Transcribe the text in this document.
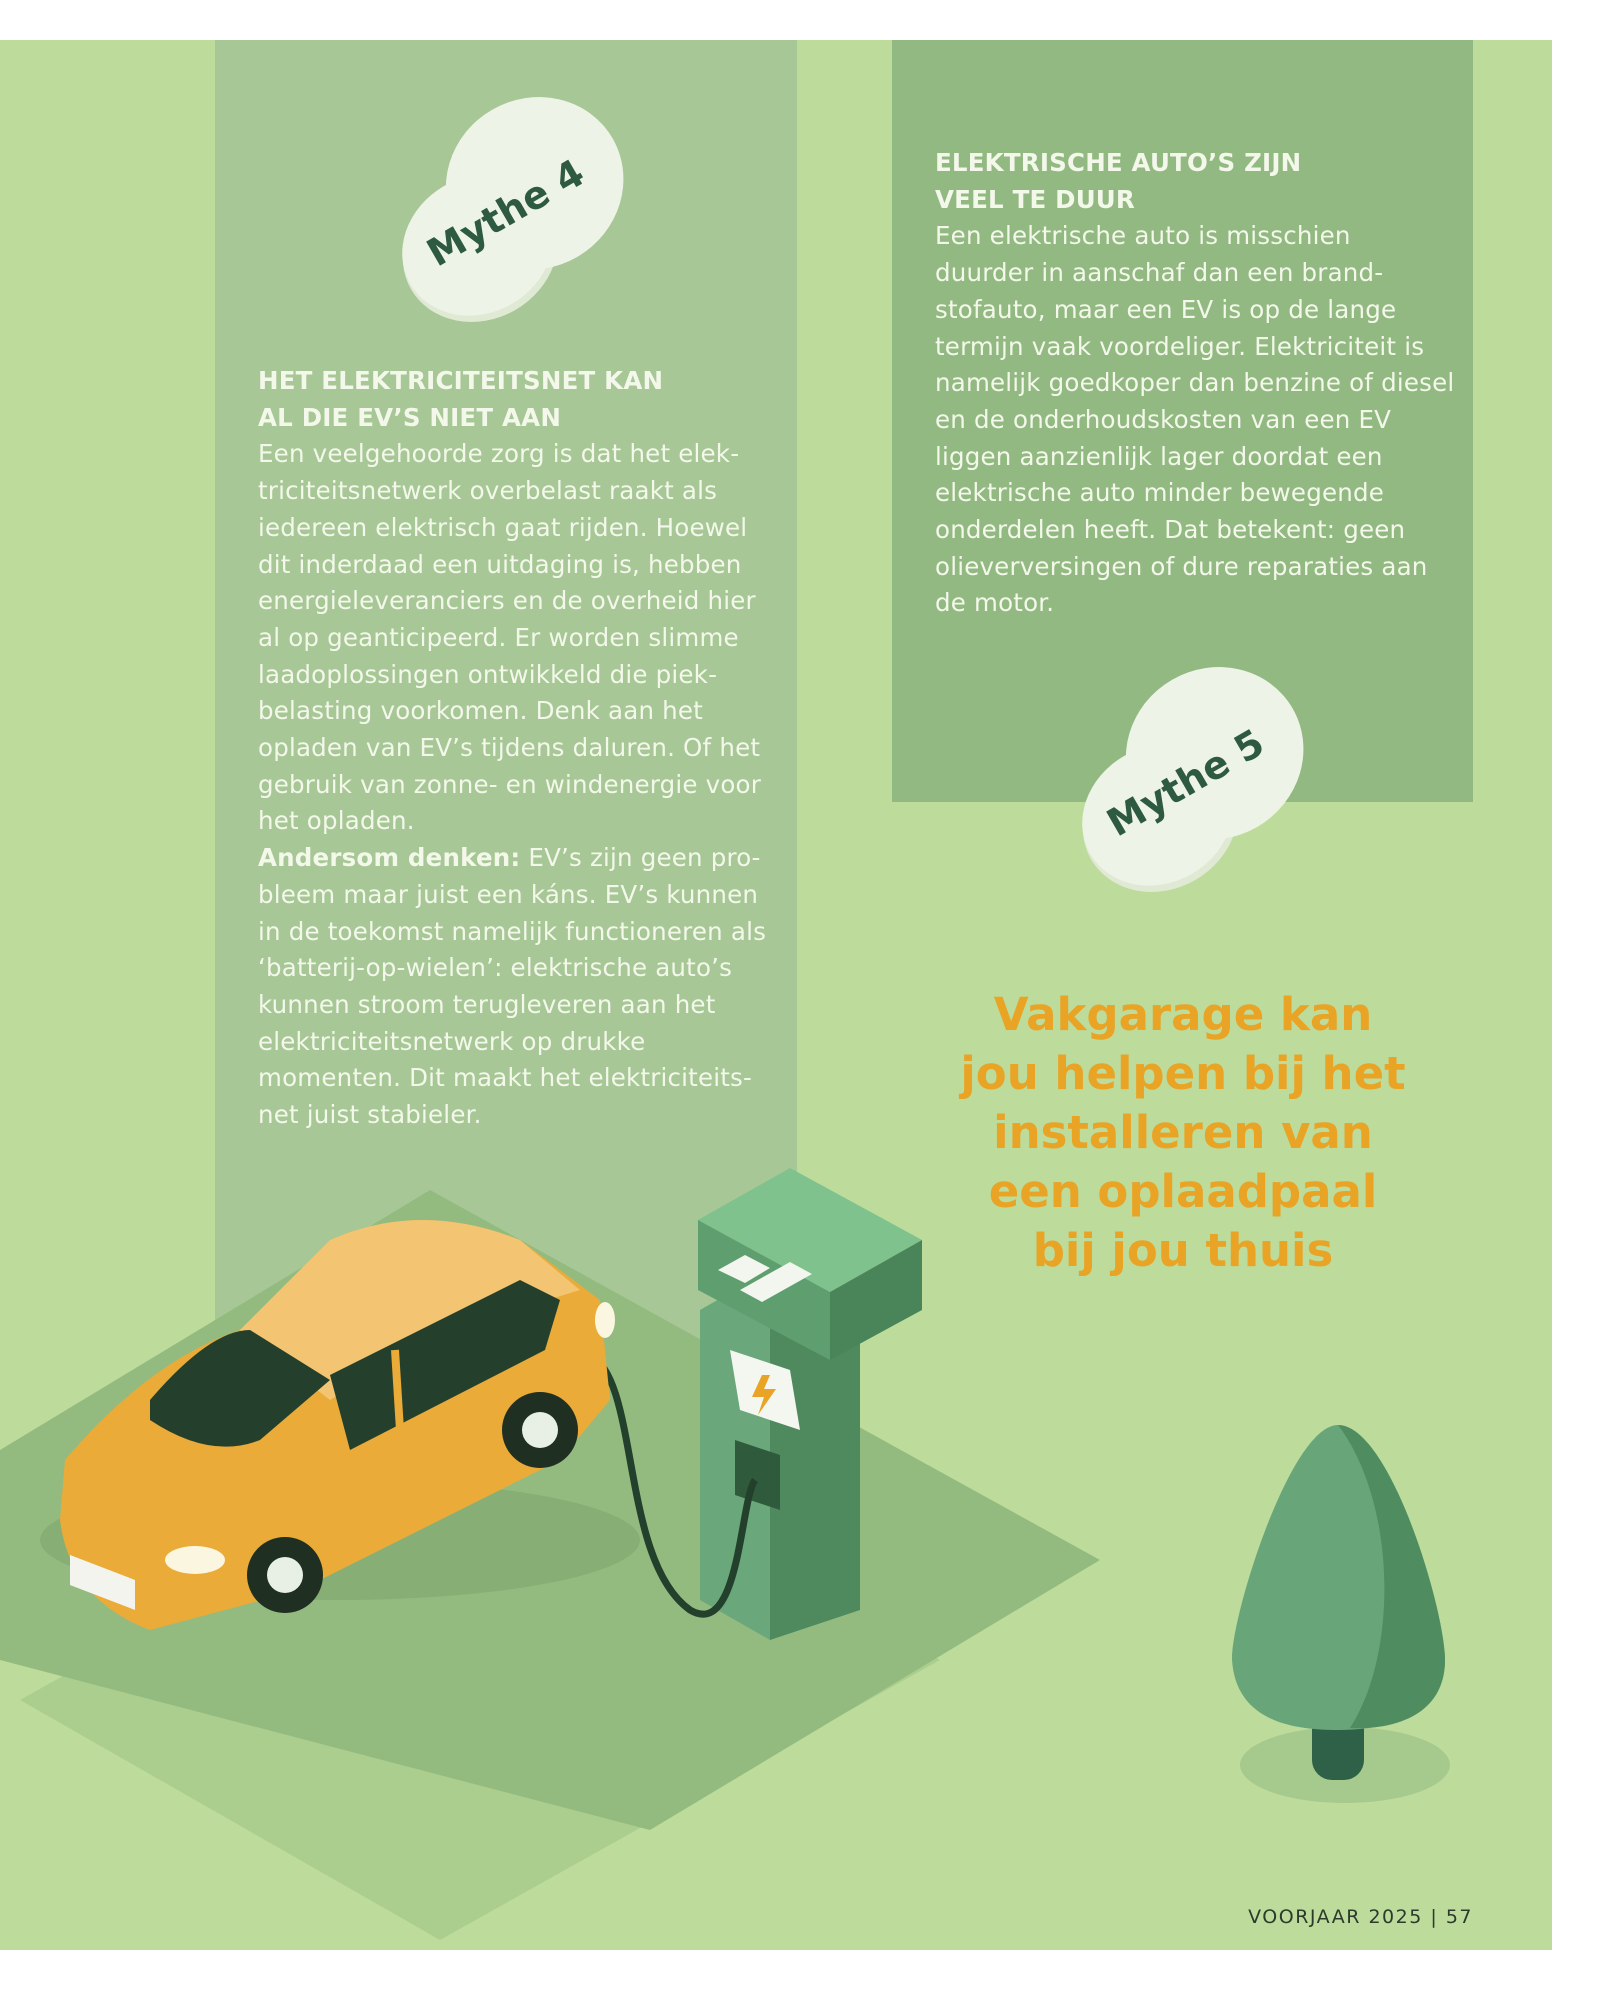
Mythe 4
Mythe 5
HET ELEKTRICITEITSNET KAN
AL DIE EV’S NIET AAN

Een veelgehoorde zorg is dat het elektriciteitsnetwerk overbelast raakt als iedereen elektrisch gaat rijden. Hoewel dit inderdaad een uitdaging is, hebben energieleveranciers en de overheid hier al op geanticipeerd. Er worden slimme laadoplossingen ontwikkeld die piekbelasting voorkomen. Denk aan het opladen van EV’s tijdens daluren. Of het gebruik van zonne- en windenergie voor het opladen.

Andersom denken: EV’s zijn geen probleem maar juist een káns. EV’s kunnen in de toekomst namelijk functioneren als ‘batterij-op-wielen’: elektrische auto’s kunnen stroom terugleveren aan het elektriciteitsnetwerk op drukke momenten. Dit maakt het elektriciteitsnet juist stabieler.

ELEKTRISCHE AUTO’S ZIJN
VEEL TE DUUR

Een elektrische auto is misschien duurder in aanschaf dan een brandstofauto, maar een EV is op de lange termijn vaak voordeliger. Elektriciteit is namelijk goedkoper dan benzine of diesel en de onderhoudskosten van een EV liggen aanzienlijk lager doordat een elektrische auto minder bewegende onderdelen heeft. Dat betekent: geen olieverversingen of dure reparaties aan de motor.

Vakgarage kan
jou helpen bij het
installeren van
een oplaadpaal
bij jou thuis
VOORJAAR 2025 | 57
